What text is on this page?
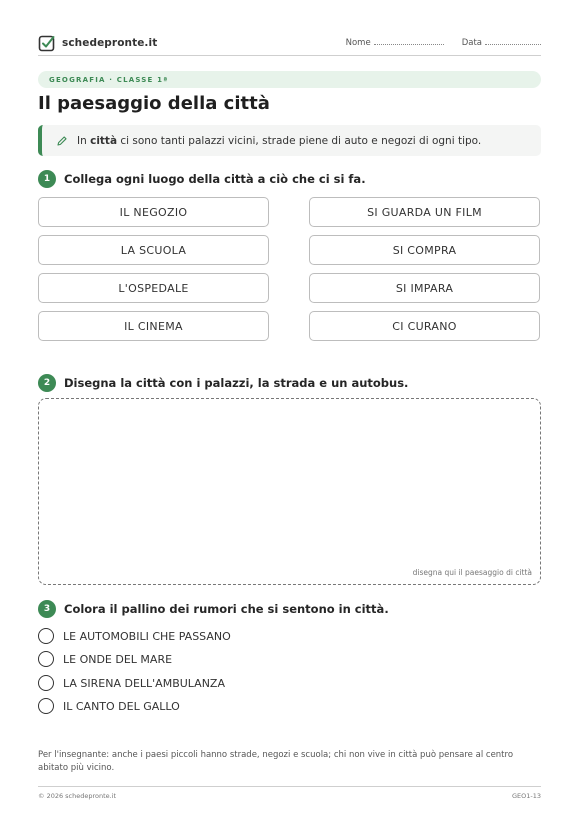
schedepronte.it	Nome	Data
GEOGRAFIA · CLASSE 1ª
Il paesaggio della città
In città ci sono tanti palazzi vicini, strade piene di auto e negozi di ogni tipo.
1	Collega ogni luogo della città a ciò che ci si fa.
IL NEGOZIO	SI GUARDA UN FILM
LA SCUOLA	SI COMPRA
L'OSPEDALE	SI IMPARA
IL CINEMA	CI CURANO
2	Disegna la città con i palazzi, la strada e un autobus.
disegna qui il paesaggio di città
3	Colora il pallino dei rumori che si sentono in città.
LE AUTOMOBILI CHE PASSANO
LE ONDE DEL MARE
LA SIRENA DELL'AMBULANZA
IL CANTO DEL GALLO
Per l'insegnante: anche i paesi piccoli hanno strade, negozi e scuola; chi non vive in città può pensare al centro abitato più vicino.
© 2026 schedepronte.it	GEO1-13
